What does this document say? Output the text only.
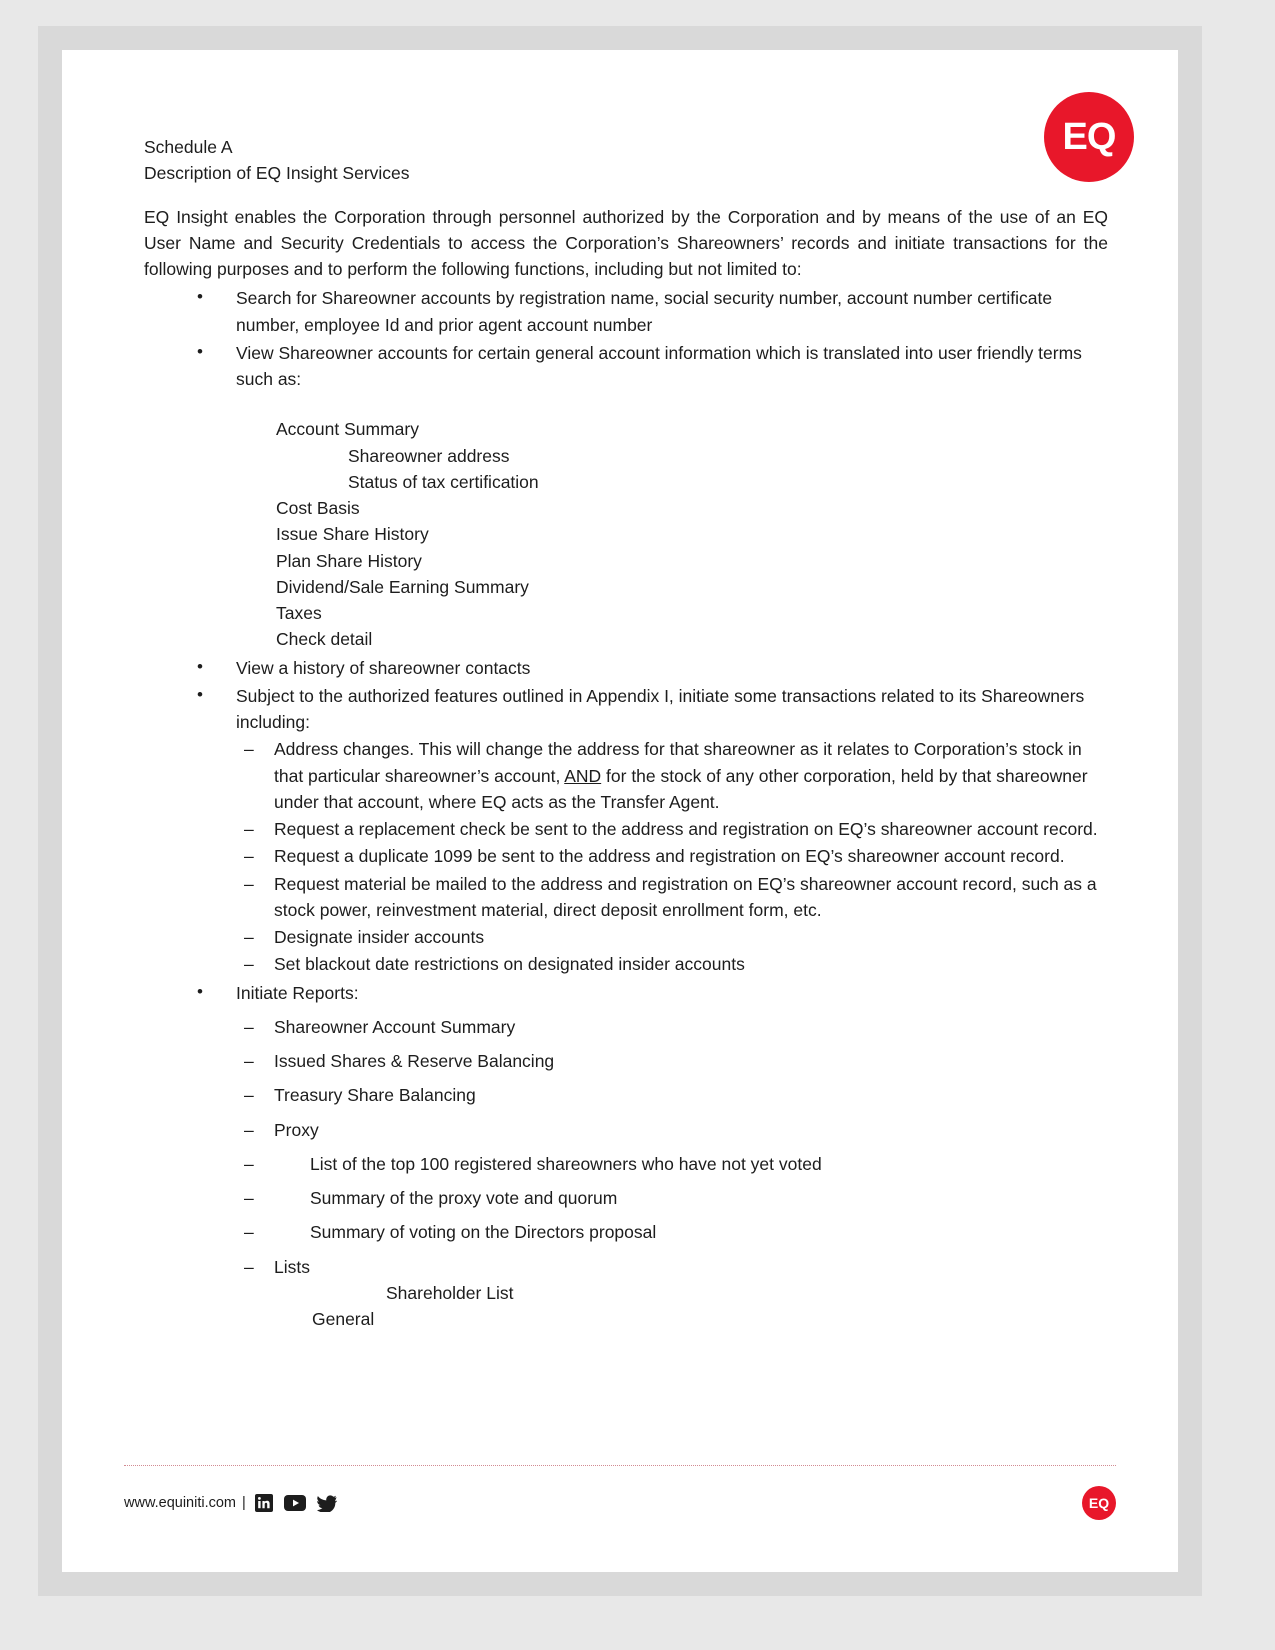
EQ
Schedule A
Description of EQ Insight Services

EQ Insight enables the Corporation through personnel authorized by the Corporation and by means of the use of an EQ User Name and Security Credentials to access the Corporation’s Shareowners’ records and initiate transactions for the following purposes and to perform the following functions, including but not limited to:

• Search for Shareowner accounts by registration name, social security number, account number certificate number, employee Id and prior agent account number
• View Shareowner accounts for certain general account information which is translated into user friendly terms such as:
Account Summary
Shareowner address
Status of tax certification
Cost Basis
Issue Share History
Plan Share History
Dividend/Sale Earning Summary
Taxes
Check detail
• View a history of shareowner contacts
• Subject to the authorized features outlined in Appendix I, initiate some transactions related to its Shareowners including:
– Address changes. This will change the address for that shareowner as it relates to Corporation’s stock in that particular shareowner’s account, AND for the stock of any other corporation, held by that shareowner under that account, where EQ acts as the Transfer Agent.
– Request a replacement check be sent to the address and registration on EQ’s shareowner account record.
– Request a duplicate 1099 be sent to the address and registration on EQ’s shareowner account record.
– Request material be mailed to the address and registration on EQ’s shareowner account record, such as a stock power, reinvestment material, direct deposit enrollment form, etc.
– Designate insider accounts
– Set blackout date restrictions on designated insider accounts
• Initiate Reports:
– Shareowner Account Summary
– Issued Shares & Reserve Balancing
– Treasury Share Balancing
– Proxy
– List of the top 100 registered shareowners who have not yet voted
– Summary of the proxy vote and quorum
– Summary of voting on the Directors proposal
– Lists
Shareholder List
General
www.equiniti.com |	EQ
